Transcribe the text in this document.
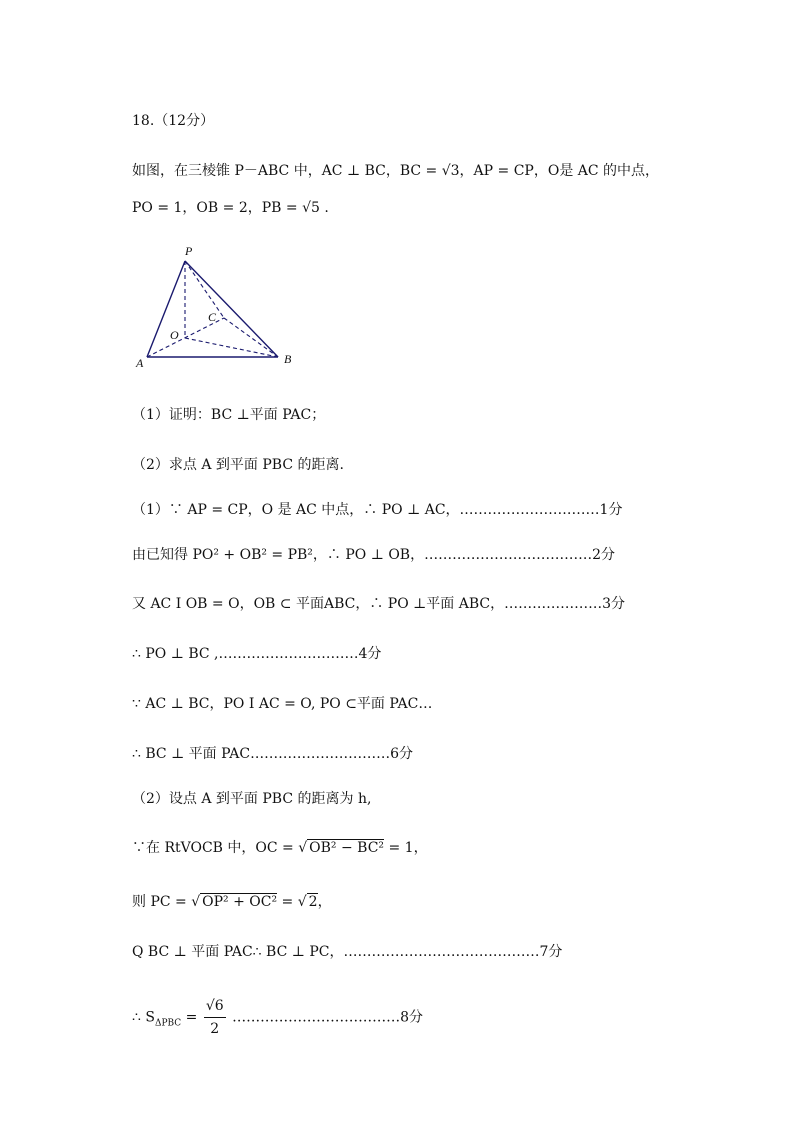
18.（12分）
如图，在三棱锥 P－ABC 中，AC ⊥ BC，BC = √3，AP = CP，O是 AC 的中点，
PO = 1，OB = 2，PB = √5 .
P
O
C
A	B
（1）证明：BC ⊥平面 PAC；
（2）求点 A 到平面 PBC 的距离.
（1）∵ AP = CP，O 是 AC 中点，∴ PO ⊥ AC，…………………………1分
由已知得 PO² + OB² = PB²，∴ PO ⊥ OB，………………………………2分
又 AC I OB = O，OB ⊂ 平面ABC，∴ PO ⊥平面 ABC，…………………3分
∴ PO ⊥ BC ,…………………………4分
∵ AC ⊥ BC，PO I AC = O, PO ⊂平面 PAC…
∴ BC ⊥ 平面 PAC…………………………6分
（2）设点 A 到平面 PBC 的距离为 h,
∵在 RtVOCB 中，OC = √ OB² − BC² = 1，
则 PC = √ OP² + OC² = √ 2，
Q BC ⊥ 平面 PAC∴ BC ⊥ PC，……………………………………7分
∴ $S_{\Delta PBC} = \frac{√6}{2}$ ………………………………8分
